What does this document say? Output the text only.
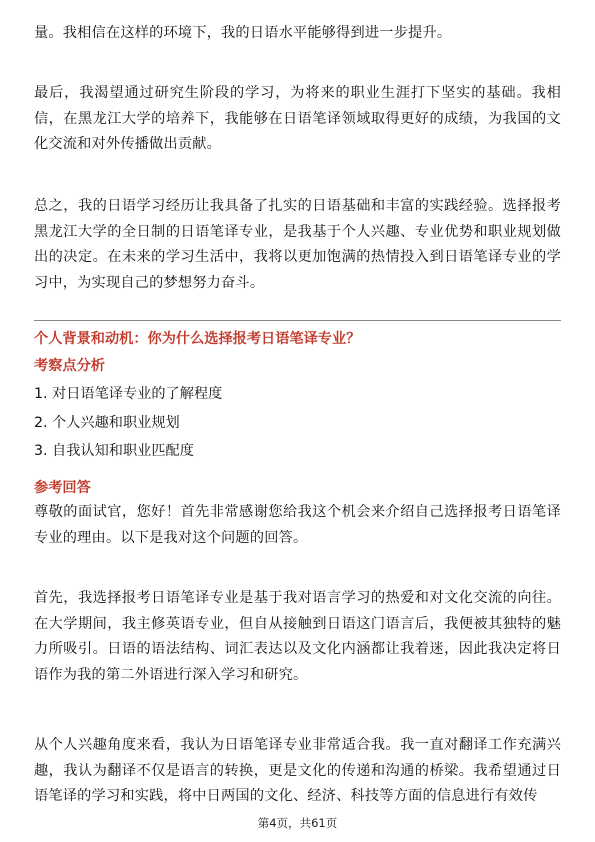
量。我相信在这样的环境下，我的日语水平能够得到进一步提升。

最后，我渴望通过研究生阶段的学习，为将来的职业生涯打下坚实的基础。我相信，在黑龙江大学的培养下，我能够在日语笔译领域取得更好的成绩，为我国的文化交流和对外传播做出贡献。

总之，我的日语学习经历让我具备了扎实的日语基础和丰富的实践经验。选择报考黑龙江大学的全日制的日语笔译专业，是我基于个人兴趣、专业优势和职业规划做出的决定。在未来的学习生活中，我将以更加饱满的热情投入到日语笔译专业的学习中，为实现自己的梦想努力奋斗。

个人背景和动机：你为什么选择报考日语笔译专业？

考察点分析

1. 对日语笔译专业的了解程度

2. 个人兴趣和职业规划

3. 自我认知和职业匹配度

参考回答

尊敬的面试官，您好！首先非常感谢您给我这个机会来介绍自己选择报考日语笔译专业的理由。以下是我对这个问题的回答。

首先，我选择报考日语笔译专业是基于我对语言学习的热爱和对文化交流的向往。在大学期间，我主修英语专业，但自从接触到日语这门语言后，我便被其独特的魅力所吸引。日语的语法结构、词汇表达以及文化内涵都让我着迷，因此我决定将日语作为我的第二外语进行深入学习和研究。

从个人兴趣角度来看，我认为日语笔译专业非常适合我。我一直对翻译工作充满兴趣，我认为翻译不仅是语言的转换，更是文化的传递和沟通的桥梁。我希望通过日语笔译的学习和实践，将中日两国的文化、经济、科技等方面的信息进行有效传

第4页，共61页
